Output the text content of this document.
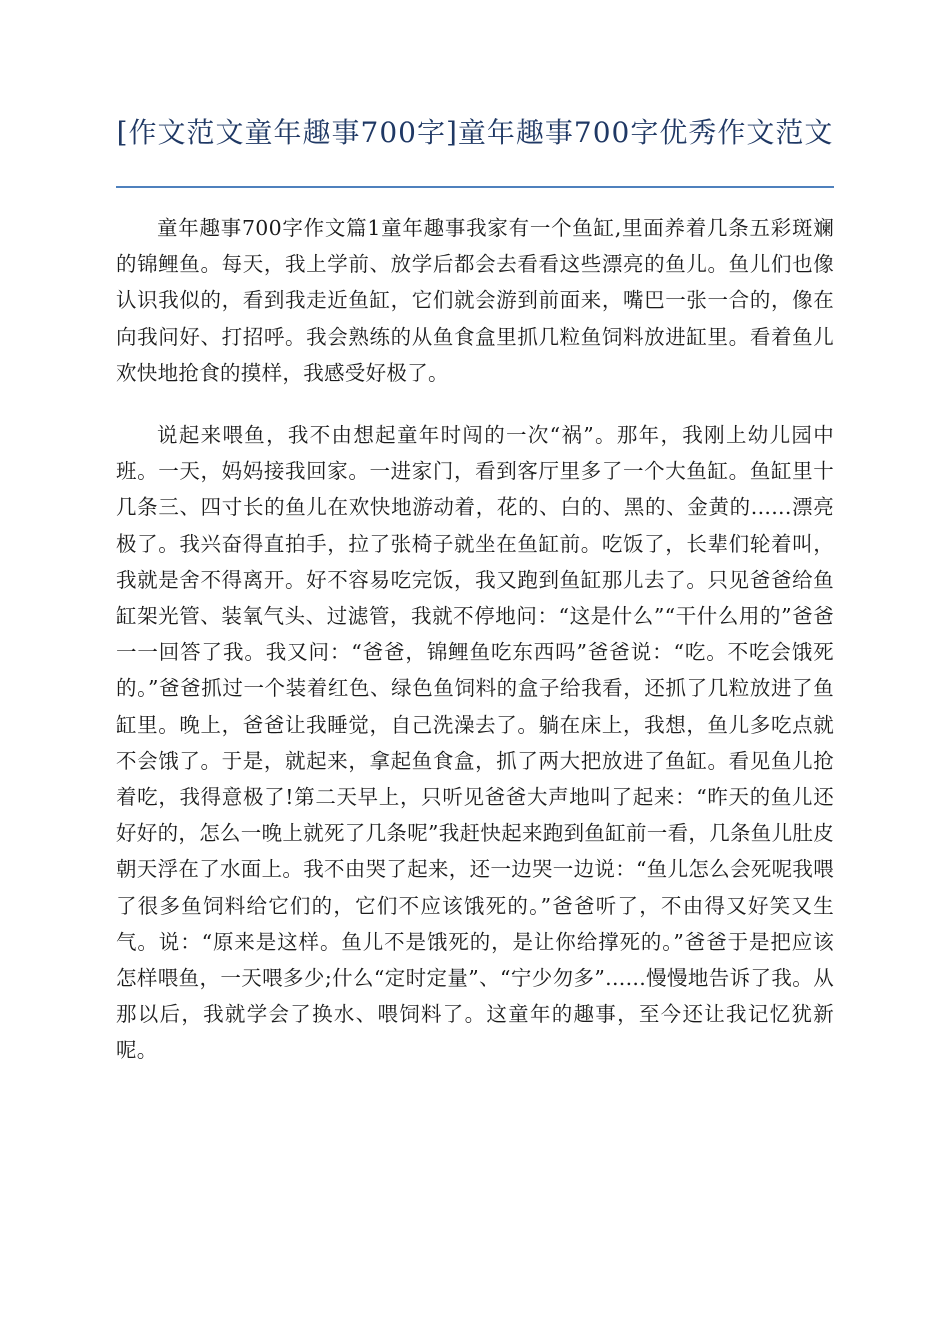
[作文范文童年趣事700字]童年趣事700字优秀作文范文

童年趣事700字作文篇1童年趣事我家有一个鱼缸,里面养着几条五彩斑斓的锦鲤鱼。每天，我上学前、放学后都会去看看这些漂亮的鱼儿。鱼儿们也像认识我似的，看到我走近鱼缸，它们就会游到前面来，嘴巴一张一合的，像在向我问好、打招呼。我会熟练的从鱼食盒里抓几粒鱼饲料放进缸里。看着鱼儿欢快地抢食的摸样，我感受好极了。

说起来喂鱼，我不由想起童年时闯的一次“祸”。那年，我刚上幼儿园中班。一天，妈妈接我回家。一进家门，看到客厅里多了一个大鱼缸。鱼缸里十几条三、四寸长的鱼儿在欢快地游动着，花的、白的、黑的、金黄的......漂亮极了。我兴奋得直拍手，拉了张椅子就坐在鱼缸前。吃饭了，长辈们轮着叫，我就是舍不得离开。好不容易吃完饭，我又跑到鱼缸那儿去了。只见爸爸给鱼缸架光管、装氧气头、过滤管，我就不停地问：“这是什么”“干什么用的”爸爸一一回答了我。我又问：“爸爸，锦鲤鱼吃东西吗”爸爸说：“吃。不吃会饿死的。”爸爸抓过一个装着红色、绿色鱼饲料的盒子给我看，还抓了几粒放进了鱼缸里。晚上，爸爸让我睡觉，自己洗澡去了。躺在床上，我想，鱼儿多吃点就不会饿了。于是，就起来，拿起鱼食盒，抓了两大把放进了鱼缸。看见鱼儿抢着吃，我得意极了!第二天早上，只听见爸爸大声地叫了起来：“昨天的鱼儿还好好的，怎么一晚上就死了几条呢”我赶快起来跑到鱼缸前一看，几条鱼儿肚皮朝天浮在了水面上。我不由哭了起来，还一边哭一边说：“鱼儿怎么会死呢我喂了很多鱼饲料给它们的，它们不应该饿死的。”爸爸听了，不由得又好笑又生气。说：“原来是这样。鱼儿不是饿死的，是让你给撑死的。”爸爸于是把应该怎样喂鱼，一天喂多少;什么“定时定量”、“宁少勿多”......慢慢地告诉了我。从那以后，我就学会了换水、喂饲料了。这童年的趣事，至今还让我记忆犹新呢。
